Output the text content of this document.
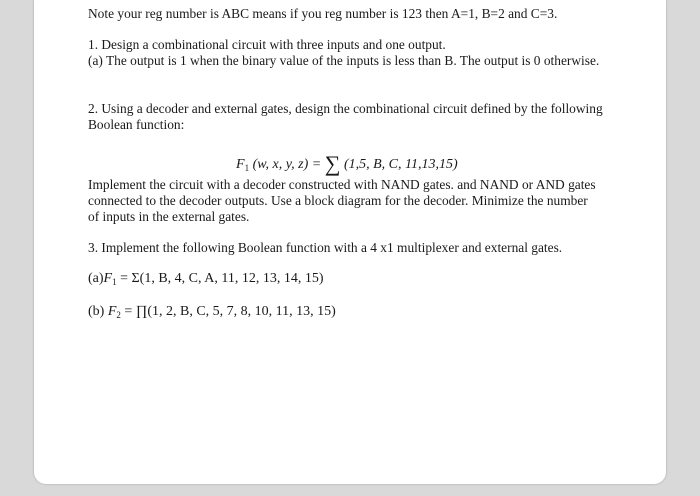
Note your reg number is ABC means if you reg number is 123 then A=1, B=2 and C=3.
1. Design a combinational circuit with three inputs and one output.
(a) The output is 1 when the binary value of the inputs is less than B. The output is 0 otherwise.
2. Using a decoder and external gates, design the combinational circuit defined by the following
Boolean function:
$F_1$ (w, x, y, z) = ∑ (1,5, B, C, 11,13,15)
Implement the circuit with a decoder constructed with NAND gates. and NAND or AND gates
connected to the decoder outputs. Use a block diagram for the decoder. Minimize the number
of inputs in the external gates.
3. Implement the following Boolean function with a 4 x1 multiplexer and external gates.
$(a)F_1 = \Sigma(1$, B, 4, C, A, 11, 12, 13, 14, 15)
(b) $F_2$ = ∏(1, 2, B, C, 5, 7, 8, 10, 11, 13, 15)
